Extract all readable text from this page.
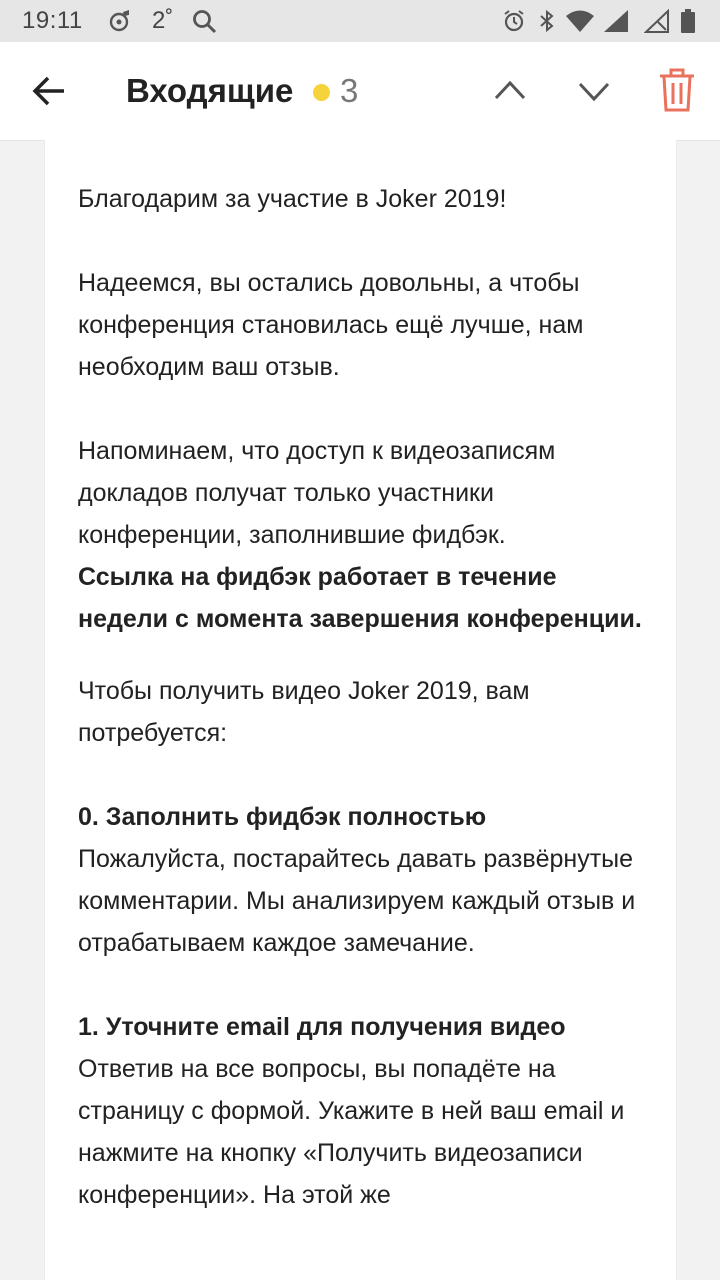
19:11	2˚
Входящие 3

Благодарим за участие в Joker 2019!

Надеемся, вы остались довольны, а чтобы конференция становилась ещё лучше, нам необходим ваш отзыв.

Напоминаем, что доступ к видеозаписям докладов получат только участники конференции, заполнившие фидбэк.

Ссылка на фидбэк работает в течение недели с момента завершения конференции.

Чтобы получить видео Joker 2019, вам потребуется:

0. Заполнить фидбэк полностью

Пожалуйста, постарайтесь давать развёрнутые комментарии. Мы анализируем каждый отзыв и отрабатываем каждое замечание.

1. Уточните email для получения видео

Ответив на все вопросы, вы попадёте на страницу с формой. Укажите в ней ваш email и нажмите на кнопку «Получить видеозаписи конференции». На этой же
